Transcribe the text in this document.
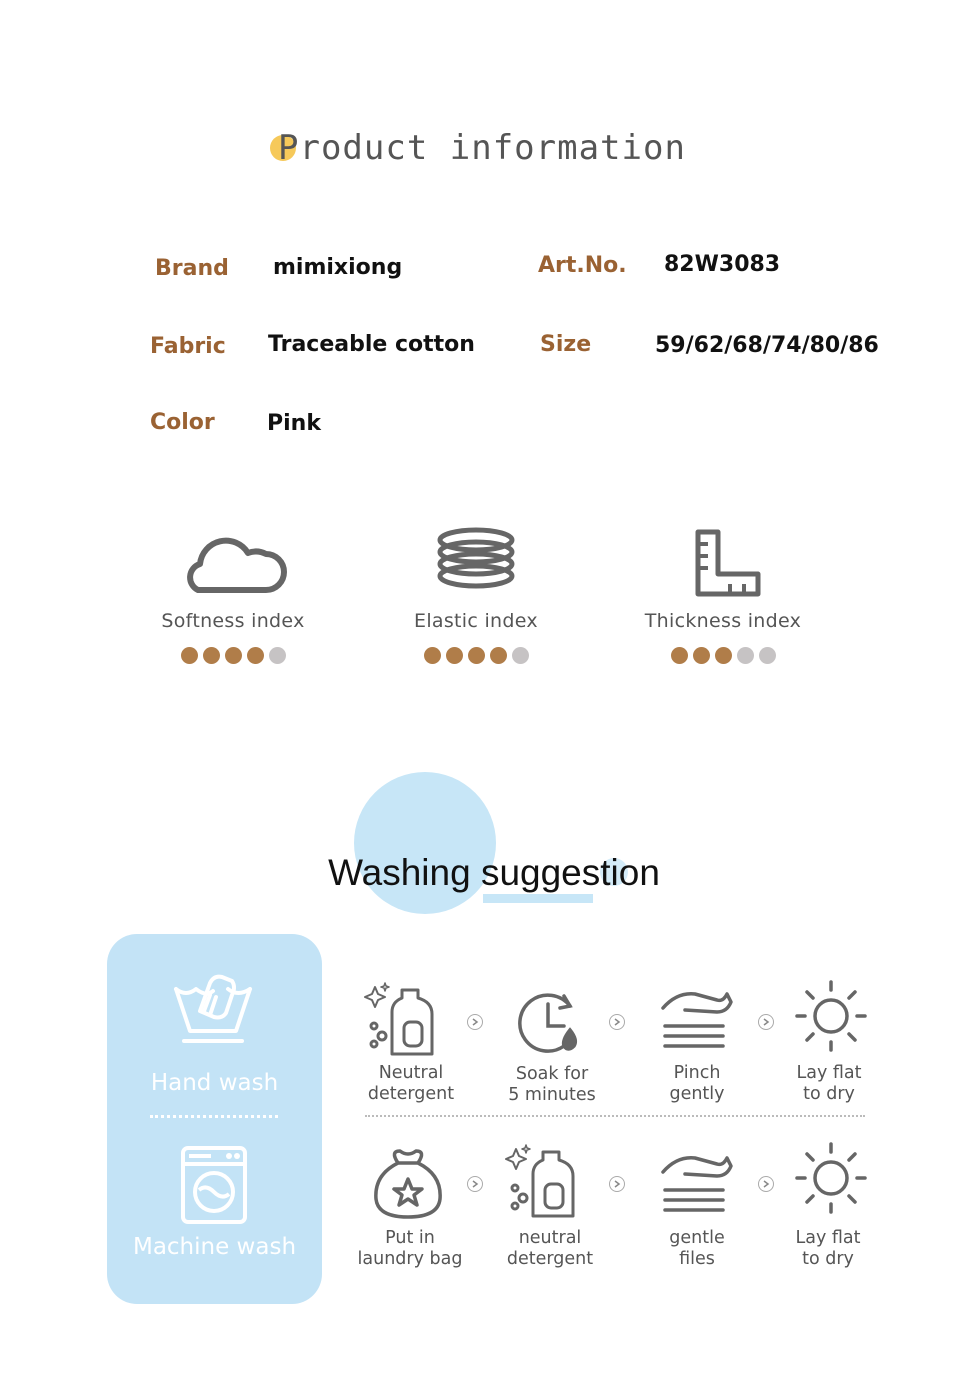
Product information
Brand mimixiong	Art.No. 82W3083
Fabric Traceable cotton	Size	59/62/68/74/80/86
Color Pink
Softness index	Elastic index	Thickness index
Washing suggestion
Hand wash
Machine wash
Neutral
detergent
Soak for
5 minutes
Pinch
gently
Lay flat
to dry
Put in
laundry bag
neutral
detergent
gentle
files
Lay flat
to dry
